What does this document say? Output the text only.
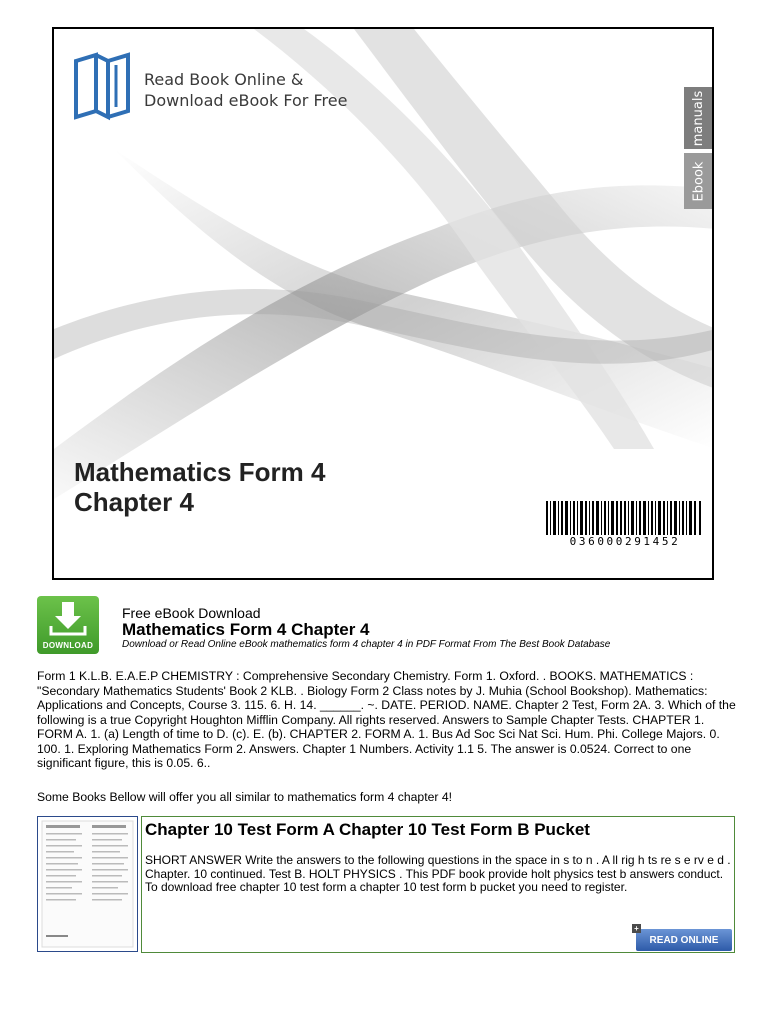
Read Book Online &
Download eBook For Free	manuals
Ebook
Mathematics Form 4
Chapter 4
036000291452
DOWNLOAD
Free eBook Download
Mathematics Form 4 Chapter 4
Download or Read Online eBook mathematics form 4 chapter 4 in PDF Format From The Best Book Database
Form 1 K.L.B. E.A.E.P CHEMISTRY : Comprehensive Secondary Chemistry. Form 1. Oxford. . BOOKS. MATHEMATICS : "Secondary Mathematics Students' Book 2 KLB. . Biology Form 2 Class notes by J. Muhia (School Bookshop). Mathematics: Applications and Concepts, Course 3. 115. 6. H. 14. ______. ~. DATE. PERIOD. NAME. Chapter 2 Test, Form 2A. 3. Which of the following is a true Copyright Houghton Mifflin Company. All rights reserved. Answers to Sample Chapter Tests. CHAPTER 1. FORM A. 1. (a) Length of time to D. (c). E. (b). CHAPTER 2. FORM A. 1. Bus Ad Soc Sci Nat Sci. Hum. Phi. College Majors. 0. 100. 1. Exploring Mathematics Form 2. Answers. Chapter 1 Numbers. Activity 1.1 5. The answer is 0.0524. Correct to one significant figure, this is 0.05. 6..
Some Books Bellow will offer you all similar to mathematics form 4 chapter 4!
Chapter 10 Test Form A Chapter 10 Test Form B Pucket
SHORT ANSWER Write the answers to the following questions in the space in s to n . A ll rig h ts re s e rv e d . Chapter. 10 continued. Test B. HOLT PHYSICS . This PDF book provide holt physics test b answers conduct. To download free chapter 10 test form a chapter 10 test form b pucket you need to register.
+
READ ONLINE
